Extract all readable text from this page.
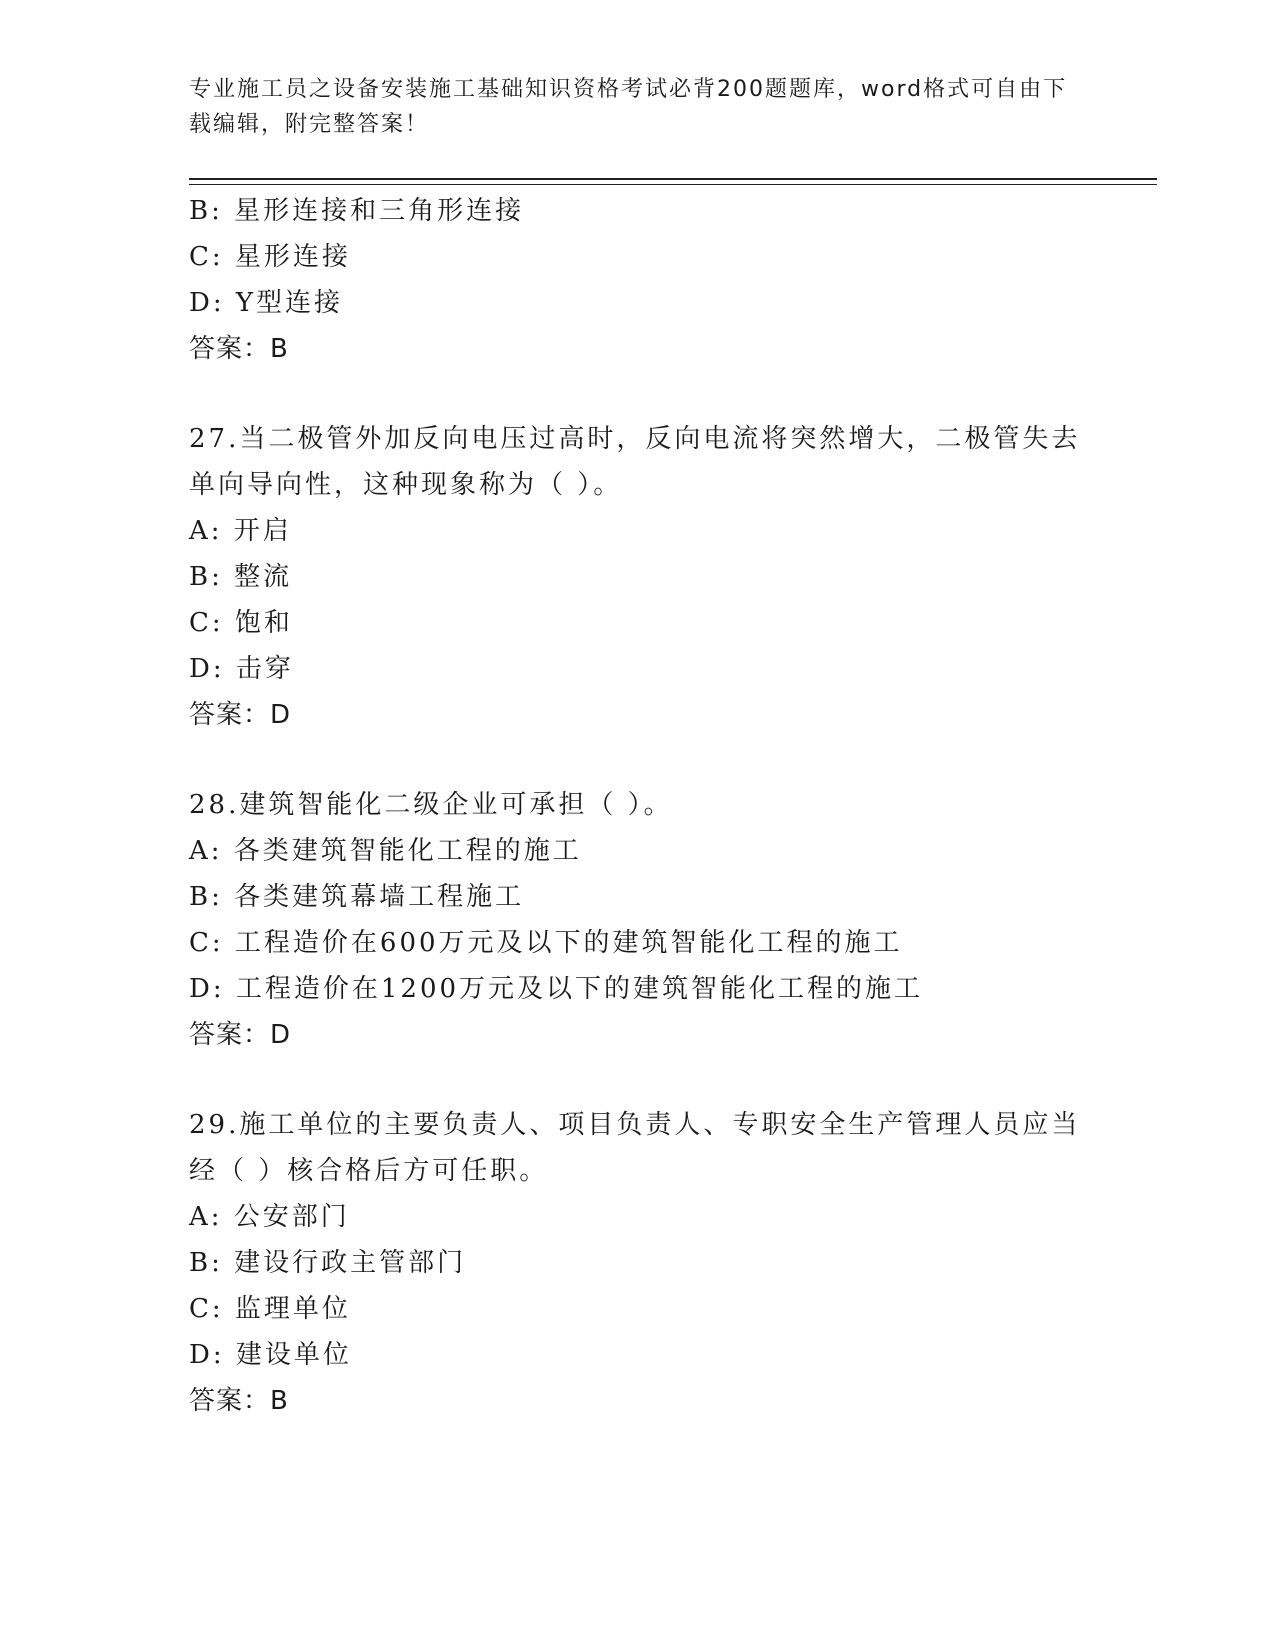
专业施工员之设备安装施工基础知识资格考试必背200题题库，word格式可自由下载编辑，附完整答案！
B: 星形连接和三角形连接
C: 星形连接
D: Y型连接
答案：B
27.当二极管外加反向电压过高时，反向电流将突然增大，二极管失去
单向导向性，这种现象称为（ ）。
A: 开启
B: 整流
C: 饱和
D: 击穿
答案：D
28.建筑智能化二级企业可承担（ ）。
A: 各类建筑智能化工程的施工
B: 各类建筑幕墙工程施工
C: 工程造价在600万元及以下的建筑智能化工程的施工
D: 工程造价在1200万元及以下的建筑智能化工程的施工
答案：D
29.施工单位的主要负责人、项目负责人、专职安全生产管理人员应当
经（ ）核合格后方可任职。
A: 公安部门
B: 建设行政主管部门
C: 监理单位
D: 建设单位
答案：B
